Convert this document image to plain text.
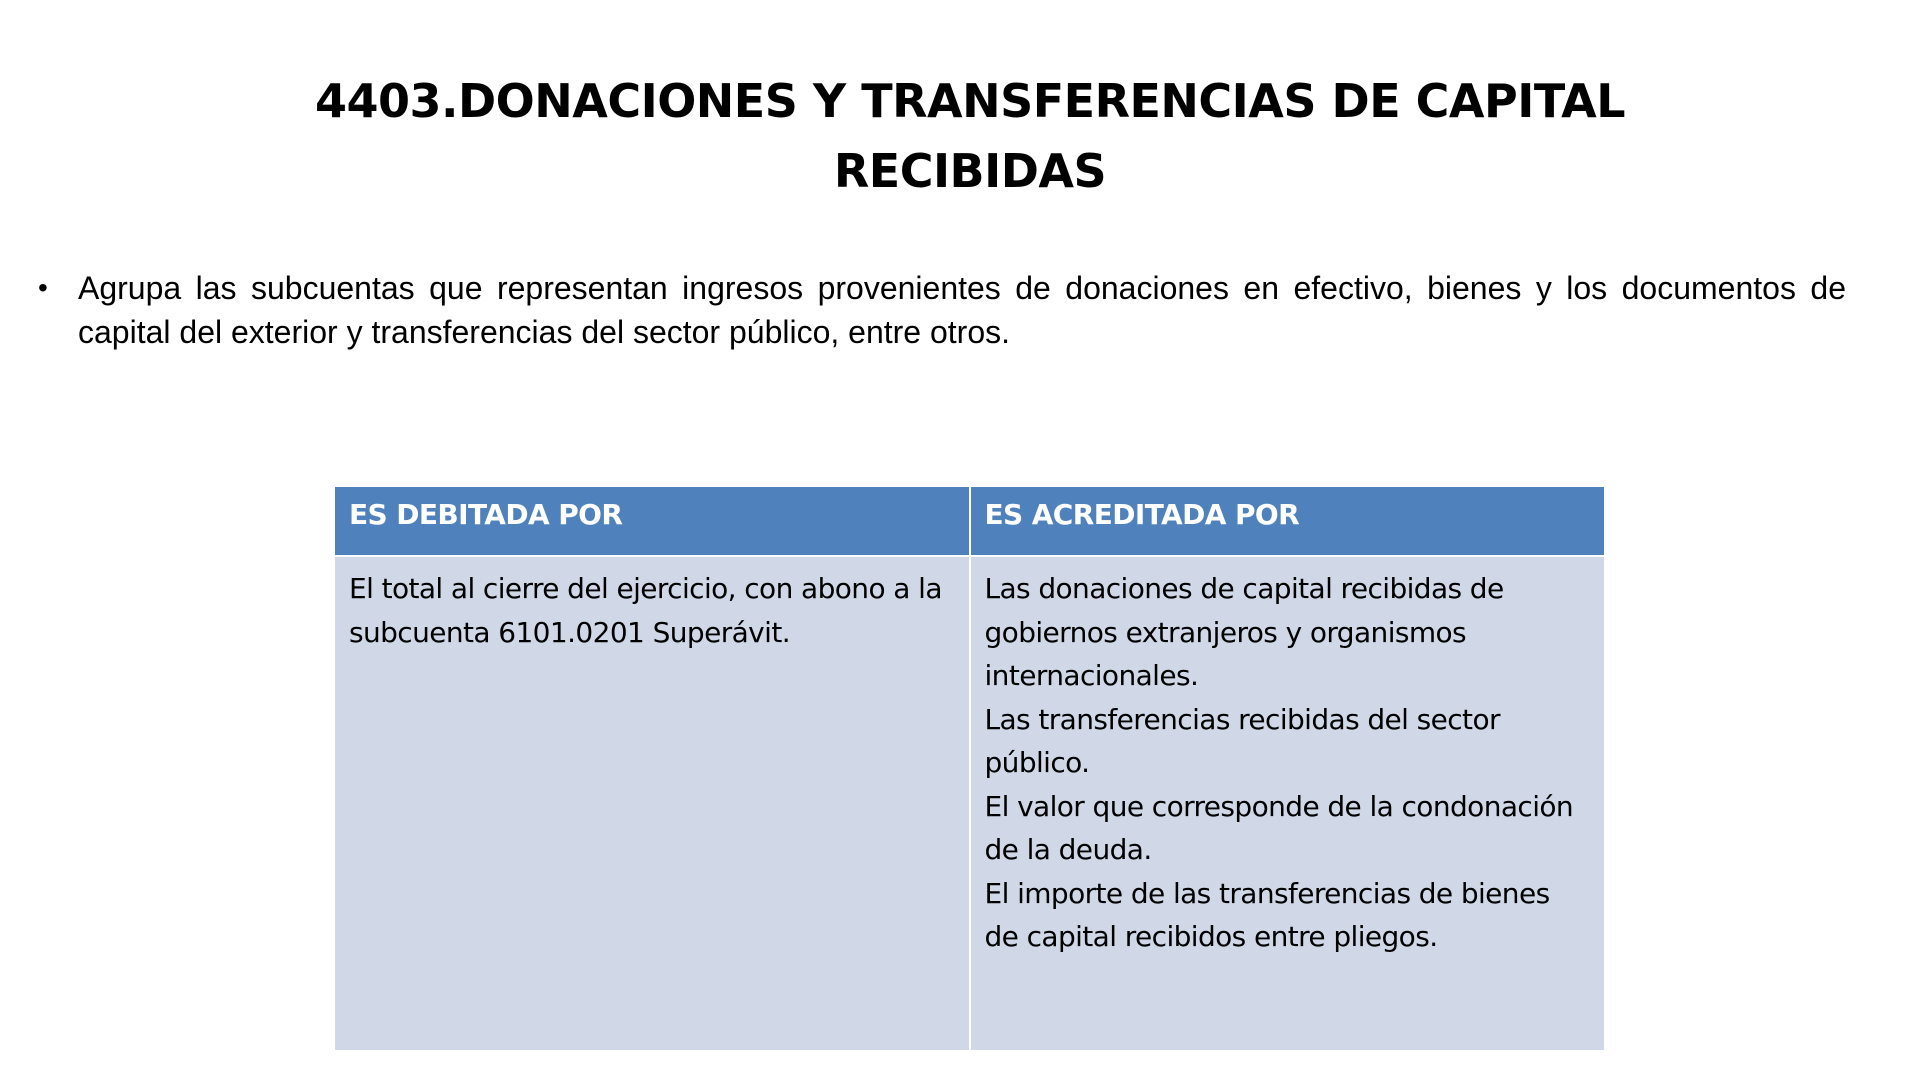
4403.DONACIONES Y TRANSFERENCIAS DE CAPITAL
RECIBIDAS
• Agrupa las subcuentas que representan ingresos provenientes de donaciones en efectivo, bienes y los documentos de capital del exterior y transferencias del sector público, entre otros.
ES DEBITADA POR	ES ACREDITADA POR
El total al cierre del ejercicio, con abono a la subcuenta 6101.0201 Superávit.	Las donaciones de capital recibidas de gobiernos extranjeros y organismos internacionales.
Las transferencias recibidas del sector público.
El valor que corresponde de la condonación de la deuda.
El importe de las transferencias de bienes de capital recibidos entre pliegos.
